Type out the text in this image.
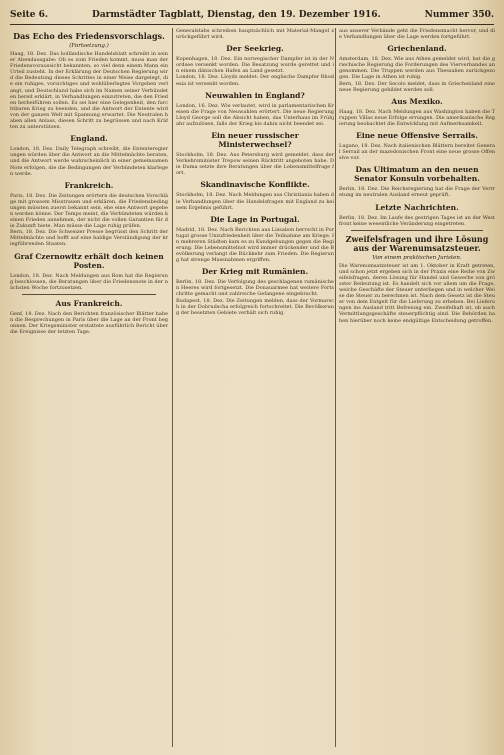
Seite 6.	Darmstädter Tagblatt, Dienstag, den 19. Dezember 1916.	Nummer 350.
Das Echo des Friedensvorschlags.
(Fortsetzung.)

Haag, 18. Dez. Das holländische Handelsblatt schreibt in seiner Abendausgabe: Ob es zum Frieden kommt, muss man der Friedensvoraussicht bekannten, so viel denn einem Mann ein Urteil zusteht. In der Erklärung der Deutschen Regierung wird die Bedeutung dieses Schrittes in einer Weise dargelegt, die ein ruhiges, vorsichtiges und wohlüberlegtes Vorgehen verlangt, und Deutschland habe sich im Namen seiner Verbündeten bereit erklärt, in Verhandlungen einzutreten, die den Frieden herbeiführen sollen. Es sei hier eine Gelegenheit, den furchtbaren Krieg zu beenden, und die Antwort der Entente wird von der ganzen Welt mit Spannung erwartet. Die Neutralen haben allen Anlass, diesen Schritt zu begrüssen und nach Kräften zu unterstützen.

England.

London, 18. Dez. Daily Telegraph schreibt, die Ententeregierungen würden über die Antwort an die Mittelmächte beraten, und die Antwort werde wahrscheinlich in einer gemeinsamen Note erfolgen, die die Bedingungen der Verbündeten klarlegen werde.

Frankreich.

Paris, 18. Dez. Die Zeitungen erörtern die deutschen Vorschläge mit grossem Misstrauen und erklären, die Friedensbedingungen müssten zuerst bekannt sein, ehe eine Antwort gegeben werden könne. Der Temps meint, die Verbündeten würden keinen Frieden annehmen, der nicht die vollen Garantien für die Zukunft biete. Man müsse die Lage ruhig prüfen.

Bern, 18. Dez. Die Schweizer Presse begrüsst den Schritt der Mittelmächte und hofft auf eine baldige Verständigung der kriegführenden Staaten.

Graf Czernowitz erhält doch keinen Posten.

London, 18. Dez. Nach Meldungen aus Rom hat die Regierung beschlossen, die Beratungen über die Friedensnote in der nächsten Woche fortzusetzen.

Aus Frankreich.

Genf, 18. Dez. Nach den Berichten französischer Blätter haben die Besprechungen in Paris über die Lage an der Front begonnen. Der Kriegsminister erstattete ausführlich Bericht über die Ereignisse der letzten Tage.

Generalstabs schreiben hauptsächlich mit Material-Mangel zurückgeführt wird.

Der Seekrieg.

Kopenhagen, 18. Dez. Ein norwegischer Dampfer ist in der Nordsee versenkt worden. Die Besatzung wurde gerettet und in einem dänischen Hafen an Land gesetzt.

London, 18. Dez. Lloyds meldet: Der englische Dampfer Rhodesia ist versenkt worden.

Neuwahlen in England?

London, 16. Dez. Wie verlautet, wird in parlamentarischen Kreisen die Frage von Neuwahlen erörtert. Die neue Regierung Lloyd George soll die Absicht haben, das Unterhaus im Frühjahr aufzulösen, falls der Krieg bis dahin nicht beendet sei.

Ein neuer russischer Ministerwechsel?

Stockholm, 18. Dez. Aus Petersburg wird gemeldet, dass der Verkehrsminister Trepow seinen Rücktritt angeboten habe. Die Duma setzte ihre Beratungen über die Lebensmittelfrage fort.

Skandinavische Konflikte.

Stockholm, 18. Dez. Nach Meldungen aus Christiania haben die Verhandlungen über die Handelsfragen mit England zu keinem Ergebnis geführt.

Die Lage in Portugal.

Madrid, 18. Dez. Nach Berichten aus Lissabon herrscht in Portugal grosse Unzufriedenheit über die Teilnahme am Kriege. In mehreren Städten kam es zu Kundgebungen gegen die Regierung. Die Lebensmittelnot wird immer drückender und die Bevölkerung verlangt die Rückkehr zum Frieden. Die Regierung hat strenge Massnahmen ergriffen.

Der Krieg mit Rumänien.

Berlin, 18. Dez. Die Verfolgung des geschlagenen rumänischen Heeres wird fortgesetzt. Die Donauarmee hat weitere Fortschritte gemacht und zahlreiche Gefangene eingebracht.

Budapest, 18. Dez. Die Zeitungen melden, dass der Vormarsch in der Dobrudscha erfolgreich fortschreitet. Die Bevölkerung der besetzten Gebiete verhält sich ruhig.

aus unserer Verbände geht die Friedensmacht hervor, und die Verhandlungen über die Lage werden fortgeführt.

Griechenland.

Amsterdam, 18. Dez. Wie aus Athen gemeldet wird, hat die griechische Regierung die Forderungen des Vierverbandes angenommen. Die Truppen werden aus Thessalien zurückgezogen. Die Lage in Athen ist ruhig.

Bern, 18. Dez. Der Secolo meldet, dass in Griechenland eine neue Regierung gebildet werden soll.

Aus Mexiko.

Haag, 18. Dez. Nach Meldungen aus Washington haben die Truppen Villas neue Erfolge errungen. Die amerikanische Regierung beobachtet die Entwicklung mit Aufmerksamkeit.

Eine neue Offensive Serrails.

Lugano, 18. Dez. Nach italienischen Blättern bereitet General Serrail an der mazedonischen Front eine neue grosse Offensive vor.

Das Ultimatum an den neuen Senator Konsuln vorbehalten.

Berlin, 18. Dez. Die Reichsregierung hat die Frage der Vertretung im neutralen Ausland erneut geprüft.

Letzte Nachrichten.

Berlin, 18. Dez. Im Laufe des gestrigen Tages ist an der Westfront keine wesentliche Veränderung eingetreten.

Zweifelsfragen und ihre Lösung aus der Warenumsatzsteuer.
Von einem praktischen Juristen.

Die Warenumsatzsteuer ist am 1. Oktober in Kraft getreten, und schon jetzt ergeben sich in der Praxis eine Reihe von Zweifelsfragen, deren Lösung für Handel und Gewerbe von grösster Bedeutung ist. Es handelt sich vor allem um die Frage, welche Geschäfte der Steuer unterliegen und in welcher Weise die Steuer zu berechnen ist. Nach dem Gesetz ist die Steuer von dem Entgelt für die Lieferung zu erheben. Bei Lieferungen ins Ausland tritt Befreiung ein. Zweifelhaft ist, ob auch Vermittlungsgeschäfte steuerpflichtig sind. Die Behörden haben hierüber noch keine endgültige Entscheidung getroffen.
